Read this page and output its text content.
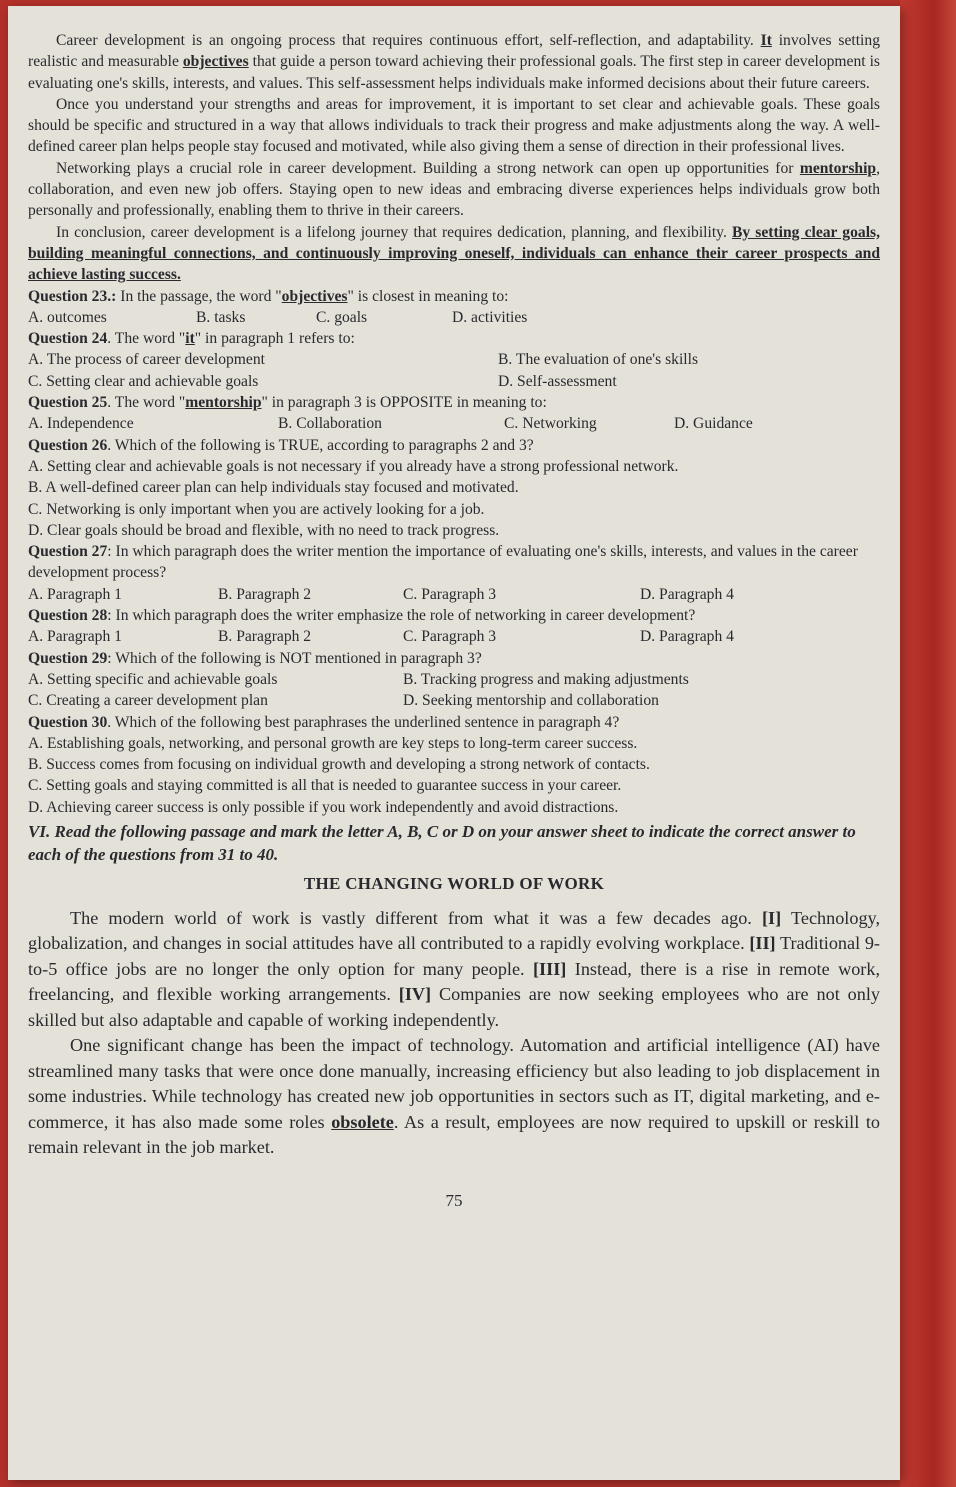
Career development is an ongoing process that requires continuous effort, self-reflection, and adaptability. It involves setting realistic and measurable objectives that guide a person toward achieving their professional goals. The first step in career development is evaluating one's skills, interests, and values. This self-assessment helps individuals make informed decisions about their future careers.

Once you understand your strengths and areas for improvement, it is important to set clear and achievable goals. These goals should be specific and structured in a way that allows individuals to track their progress and make adjustments along the way. A well-defined career plan helps people stay focused and motivated, while also giving them a sense of direction in their professional lives.

Networking plays a crucial role in career development. Building a strong network can open up opportunities for mentorship, collaboration, and even new job offers. Staying open to new ideas and embracing diverse experiences helps individuals grow both personally and professionally, enabling them to thrive in their careers.

In conclusion, career development is a lifelong journey that requires dedication, planning, and flexibility. By setting clear goals, building meaningful connections, and continuously improving oneself, individuals can enhance their career prospects and achieve lasting success.

Question 23.: In the passage, the word "objectives" is closest in meaning to:

A. outcomes	B. tasks	C. goals	D. activities

Question 24. The word "it" in paragraph 1 refers to:

A. The process of career development	B. The evaluation of one's skills
C. Setting clear and achievable goals	D. Self-assessment

Question 25. The word "mentorship" in paragraph 3 is OPPOSITE in meaning to:

A. Independence	B. Collaboration	C. Networking	D. Guidance

Question 26. Which of the following is TRUE, according to paragraphs 2 and 3?

A. Setting clear and achievable goals is not necessary if you already have a strong professional network.

B. A well-defined career plan can help individuals stay focused and motivated.

C. Networking is only important when you are actively looking for a job.

D. Clear goals should be broad and flexible, with no need to track progress.

Question 27: In which paragraph does the writer mention the importance of evaluating one's skills, interests, and values in the career development process?

A. Paragraph 1	B. Paragraph 2	C. Paragraph 3	D. Paragraph 4

Question 28: In which paragraph does the writer emphasize the role of networking in career development?

A. Paragraph 1	B. Paragraph 2	C. Paragraph 3	D. Paragraph 4

Question 29: Which of the following is NOT mentioned in paragraph 3?

A. Setting specific and achievable goals	B. Tracking progress and making adjustments
C. Creating a career development plan	D. Seeking mentorship and collaboration

Question 30. Which of the following best paraphrases the underlined sentence in paragraph 4?

A. Establishing goals, networking, and personal growth are key steps to long-term career success.

B. Success comes from focusing on individual growth and developing a strong network of contacts.

C. Setting goals and staying committed is all that is needed to guarantee success in your career.

D. Achieving career success is only possible if you work independently and avoid distractions.

VI. Read the following passage and mark the letter A, B, C or D on your answer sheet to indicate the correct answer to each of the questions from 31 to 40.

THE CHANGING WORLD OF WORK

The modern world of work is vastly different from what it was a few decades ago. [I] Technology, globalization, and changes in social attitudes have all contributed to a rapidly evolving workplace. [II] Traditional 9-to-5 office jobs are no longer the only option for many people. [III] Instead, there is a rise in remote work, freelancing, and flexible working arrangements. [IV] Companies are now seeking employees who are not only skilled but also adaptable and capable of working independently.

One significant change has been the impact of technology. Automation and artificial intelligence (AI) have streamlined many tasks that were once done manually, increasing efficiency but also leading to job displacement in some industries. While technology has created new job opportunities in sectors such as IT, digital marketing, and e-commerce, it has also made some roles obsolete. As a result, employees are now required to upskill or reskill to remain relevant in the job market.

75
